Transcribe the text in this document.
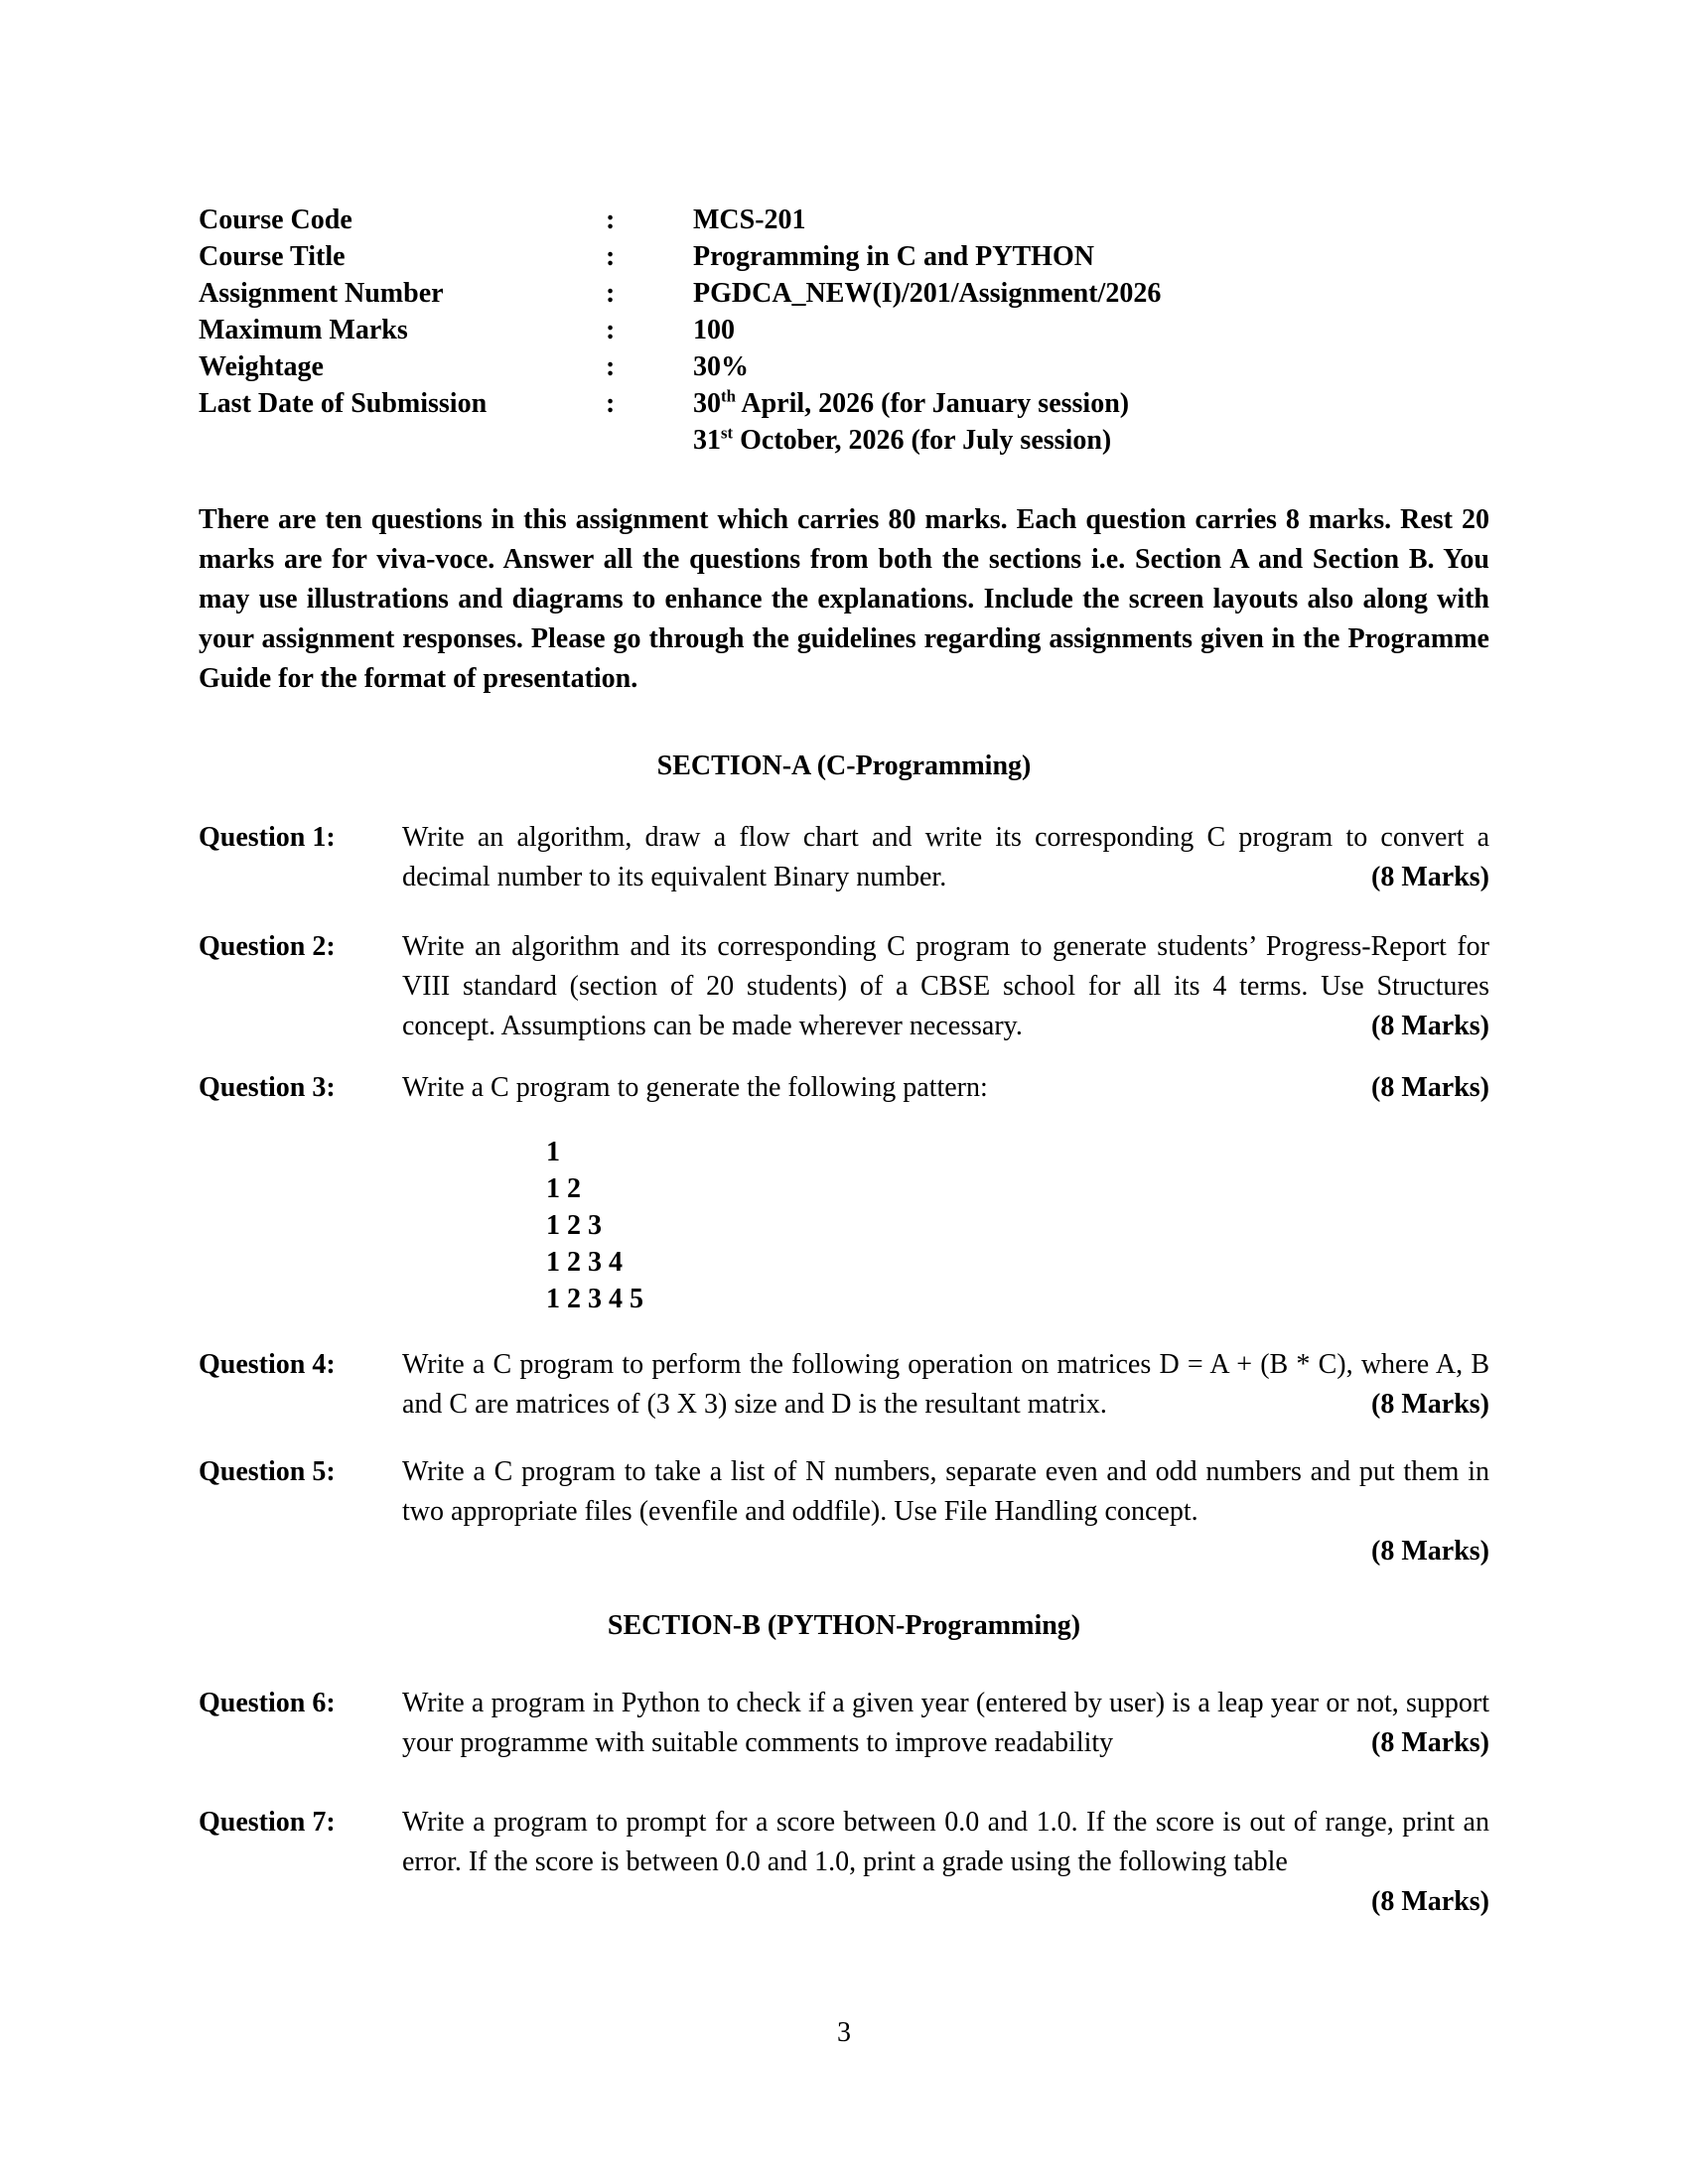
Course Code	:	MCS-201
Course Title	:	Programming in C and PYTHON
Assignment Number	:	PGDCA_NEW(I)/201/Assignment/2026
Maximum Marks	:	100
Weightage	:	30%
Last Date of Submission	:	30th April, 2026 (for January session)
31st October, 2026 (for July session)

There are ten questions in this assignment which carries 80 marks. Each question carries 8 marks. Rest 20 marks are for viva-voce. Answer all the questions from both the sections i.e. Section A and Section B. You may use illustrations and diagrams to enhance the explanations. Include the screen layouts also along with your assignment responses. Please go through the guidelines regarding assignments given in the Programme Guide for the format of presentation.

SECTION-A (C-Programming)
Question 1:	Write an algorithm, draw a flow chart and write its corresponding C program to convert a decimal number to its equivalent Binary number.	(8 Marks)
Question 2:	Write an algorithm and its corresponding C program to generate students’ Progress-Report for VIII standard (section of 20 students) of a CBSE school for all its 4 terms. Use Structures concept. Assumptions can be made wherever necessary.	(8 Marks)
Question 3:	Write a C program to generate the following pattern:	(8 Marks)
1
1 2
1 2 3
1 2 3 4
1 2 3 4 5
Question 4:	Write a C program to perform the following operation on matrices D = A + (B * C), where A, B and C are matrices of (3 X 3) size and D is the resultant matrix.	(8 Marks)
Question 5:	Write a C program to take a list of N numbers, separate even and odd numbers and put them in two appropriate files (evenfile and oddfile). Use File Handling concept.

(8 Marks)
SECTION-B (PYTHON-Programming)
Question 6:	Write a program in Python to check if a given year (entered by user) is a leap year or not, support your programme with suitable comments to improve readability	(8 Marks)
Question 7:	Write a program to prompt for a score between 0.0 and 1.0. If the score is out of range, print an error. If the score is between 0.0 and 1.0, print a grade using the following table

(8 Marks)
3
